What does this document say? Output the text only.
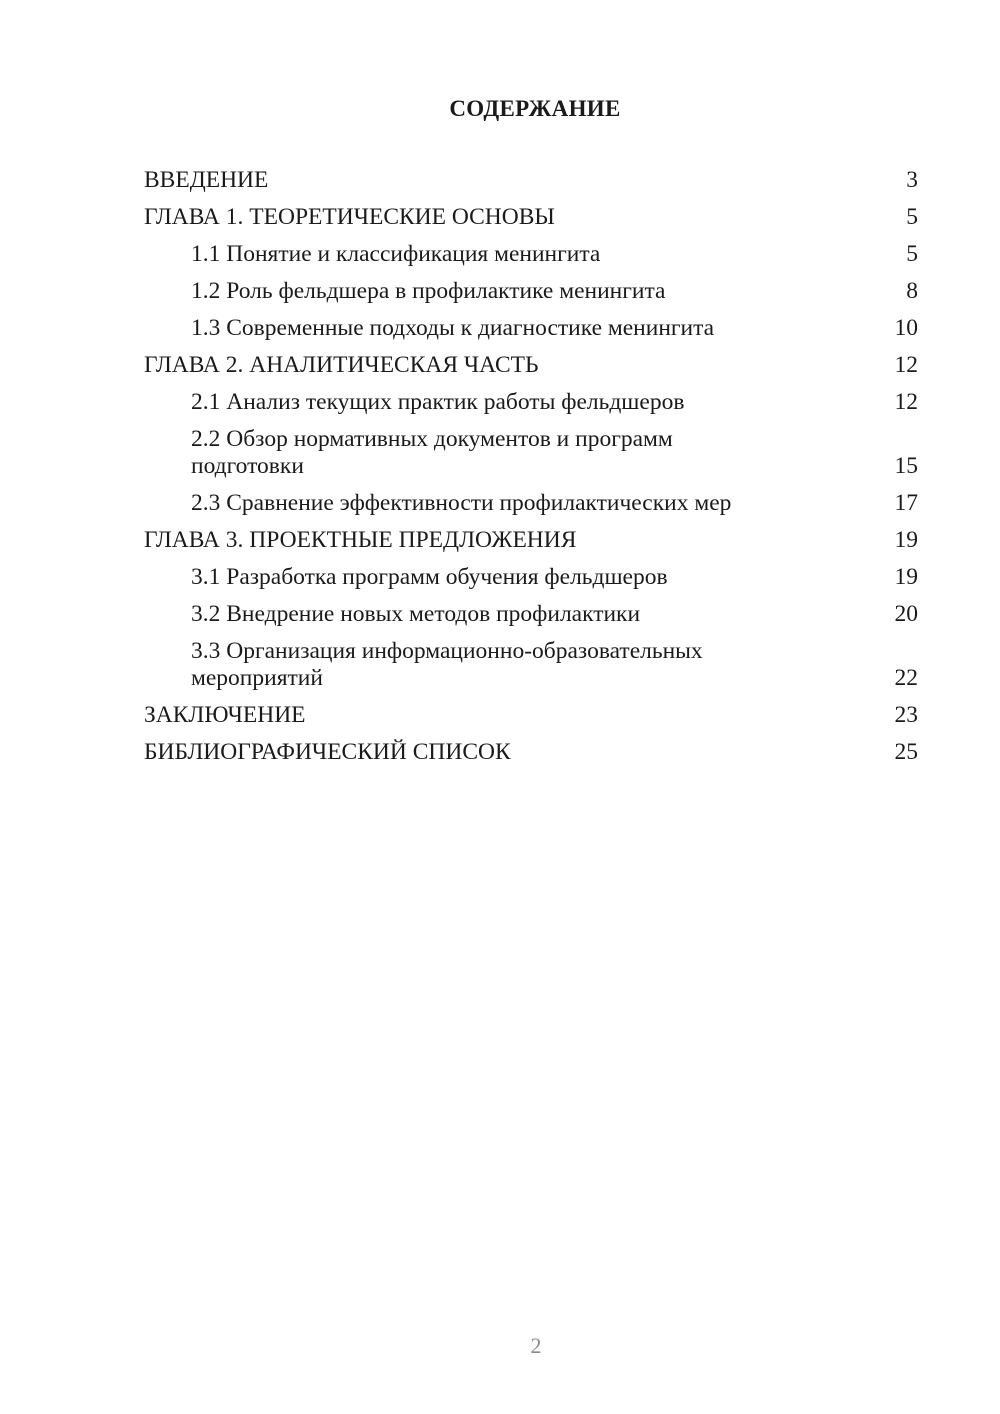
СОДЕРЖАНИЕ
ВВЕДЕНИЕ	3
ГЛАВА 1. ТЕОРЕТИЧЕСКИЕ ОСНОВЫ	5
1.1 Понятие и классификация менингита	5
1.2 Роль фельдшера в профилактике менингита	8
1.3 Современные подходы к диагностике менингита	10
ГЛАВА 2. АНАЛИТИЧЕСКАЯ ЧАСТЬ	12
2.1 Анализ текущих практик работы фельдшеров	12
2.2 Обзор нормативных документов и программ подготовки	15
2.3 Сравнение эффективности профилактических мер	17
ГЛАВА 3. ПРОЕКТНЫЕ ПРЕДЛОЖЕНИЯ	19
3.1 Разработка программ обучения фельдшеров	19
3.2 Внедрение новых методов профилактики	20
3.3 Организация информационно-образовательных мероприятий	22
ЗАКЛЮЧЕНИЕ	23
БИБЛИОГРАФИЧЕСКИЙ СПИСОК	25
2
